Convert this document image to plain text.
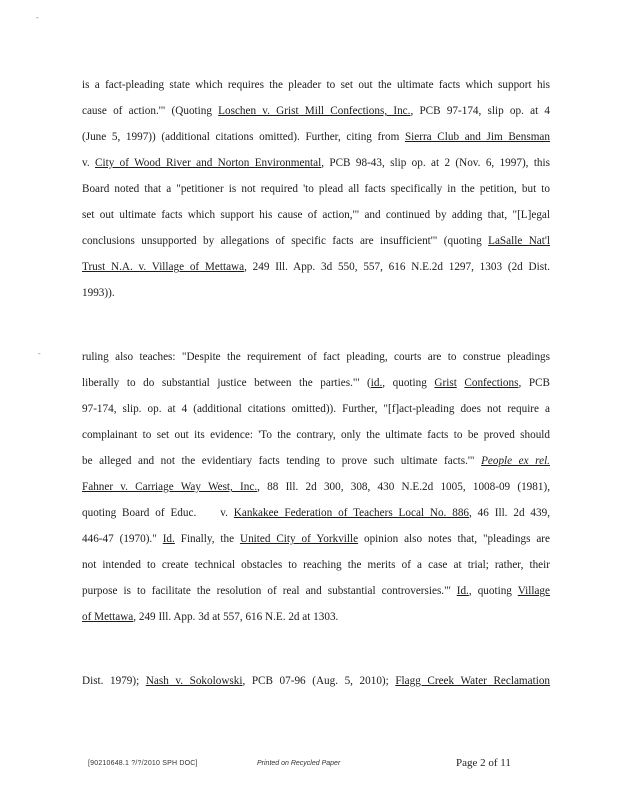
-
-
is a fact-pleading state which requires the pleader to set out the ultimate facts which support his
cause of action.'" (Quoting Loschen v. Grist Mill Confections, Inc., PCB 97-174, slip op. at 4
(June 5, 1997)) (additional citations omitted). Further, citing from Sierra Club and Jim Bensman
v. City of Wood River and Norton Environmental, PCB 98-43, slip op. at 2 (Nov. 6, 1997), this
Board noted that a "petitioner is not required 'to plead all facts specifically in the petition, but to
set out ultimate facts which support his cause of action,'" and continued by adding that, "[L]egal
conclusions unsupported by allegations of specific facts are insufficient'" (quoting LaSalle Nat'l
Trust N.A. v. Village of Mettawa, 249 Ill. App. 3d 550, 557, 616 N.E.2d 1297, 1303 (2d Dist.
1993)).
ruling also teaches: "Despite the requirement of fact pleading, courts are to construe pleadings
liberally to do substantial justice between the parties."' (id., quoting Grist Confections, PCB
97-174, slip. op. at 4 (additional citations omitted)). Further, "[f]act-pleading does not require a
complainant to set out its evidence: 'To the contrary, only the ultimate facts to be proved should
be alleged and not the evidentiary facts tending to prove such ultimate facts.'" People ex rel.
Fahner v. Carriage Way West, Inc., 88 Ill. 2d 300, 308, 430 N.E.2d 1005, 1008-09 (1981),
quoting Board of Educ. v. Kankakee Federation of Teachers Local No. 886, 46 Ill. 2d 439,
446-47 (1970)." Id. Finally, the United City of Yorkville opinion also notes that, "pleadings are
not intended to create technical obstacles to reaching the merits of a case at trial; rather, their
purpose is to facilitate the resolution of real and substantial controversies."' Id., quoting Village
of Mettawa, 249 Ill. App. 3d at 557, 616 N.E. 2d at 1303.
Dist. 1979); Nash v. Sokolowski, PCB 07-96 (Aug. 5, 2010); Flagg Creek Water Reclamation
[90210648.1 ?/?/2010 SPH DOC]	Printed on Recycled Paper	Page 2 of 11
